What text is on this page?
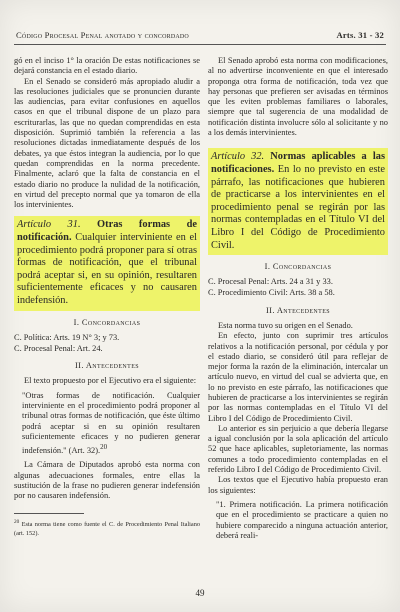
Código Procesal Penal anotado y concordado	Arts. 31 - 32

gó en el inciso 1° la oración De estas notificaciones se dejará constancia en el estado diario.

En el Senado se consideró más apropiado aludir a las resoluciones judiciales que se pronuncien durante las audiencias, para evitar confusiones en aquellos casos en que el tribunal dispone de un plazo para escriturarlas, las que no quedan comprendidas en esta disposición. Suprimió también la referencia a las resoluciones dictadas inmediatamente después de los debates, ya que éstos integran la audiencia, por lo que quedan comprendidas en la norma precedente. Finalmente, aclaró que la falta de constancia en el estado diario no produce la nulidad de la notificación, en virtud del precepto normal que ya tomaron de ella los intervinientes.

Artículo 31. Otras formas de notificación. Cualquier interviniente en el procedimiento podrá proponer para sí otras formas de notificación, que el tribunal podrá aceptar si, en su opinión, resultaren suficientemente eficaces y no causaren indefensión.
I. Concordancias

C. Política: Arts. 19 N° 3; y 73.

C. Procesal Penal: Art. 24.

II. Antecedentes

El texto propuesto por el Ejecutivo era el siguiente:

"Otras formas de notificación. Cualquier interviniente en el procedimiento podrá proponer al tribunal otras formas de notificación, que éste último podrá aceptar si en su opinión resultaren suficientemente eficaces y no pudieren generar indefensión." (Art. 32).$^{20}$

La Cámara de Diputados aprobó esta norma con algunas adecuaciones formales, entre ellas la sustitución de la frase no pudieren generar indefensión por no causaren indefensión.

$^{20}$ Esta norma tiene como fuente el C. de Procedimiento Penal Italiano (art. 152).

El Senado aprobó esta norma con modificaciones, al no advertirse inconveniente en que el interesado proponga otra forma de notificación, toda vez que hay personas que prefieren ser avisadas en términos que les eviten problemas familiares o laborales, siempre que tal sugerencia de una modalidad de notificación distinta involucre sólo al solicitante y no a los demás intervinientes.

Artículo 32. Normas aplicables a las notificaciones. En lo no previsto en este párrafo, las notificaciones que hubieren de practicarse a los intervinientes en el procedimiento penal se regirán por las normas contempladas en el Título VI del Libro I del Código de Procedimiento Civil.
I. Concordancias

C. Procesal Penal: Arts. 24 a 31 y 33.

C. Procedimiento Civil: Arts. 38 a 58.

II. Antecedentes

Esta norma tuvo su origen en el Senado.

En efecto, junto con suprimir tres artículos relativos a la notificación personal, por cédula y por el estado diario, se consideró útil para reflejar de mejor forma la razón de la eliminación, intercalar un artículo nuevo, en virtud del cual se advierta que, en lo no previsto en este párrafo, las notificaciones que hubieren de practicarse a los intervinientes se regirán por las normas contempladas en el Título VI del Libro I del Código de Procedimiento Civil.

Lo anterior es sin perjuicio a que debería llegarse a igual conclusión por la sola aplicación del artículo 52 que hace aplicables, supletoriamente, las normas comunes a todo procedimiento contempladas en el referido Libro I del Código de Procedimiento Civil.

Los textos que el Ejecutivo había propuesto eran los siguientes:

"1. Primera notificación. La primera notificación que en el procedimiento se practicare a quien no hubiere comparecido a ninguna actuación anterior, deberá reali-

49
